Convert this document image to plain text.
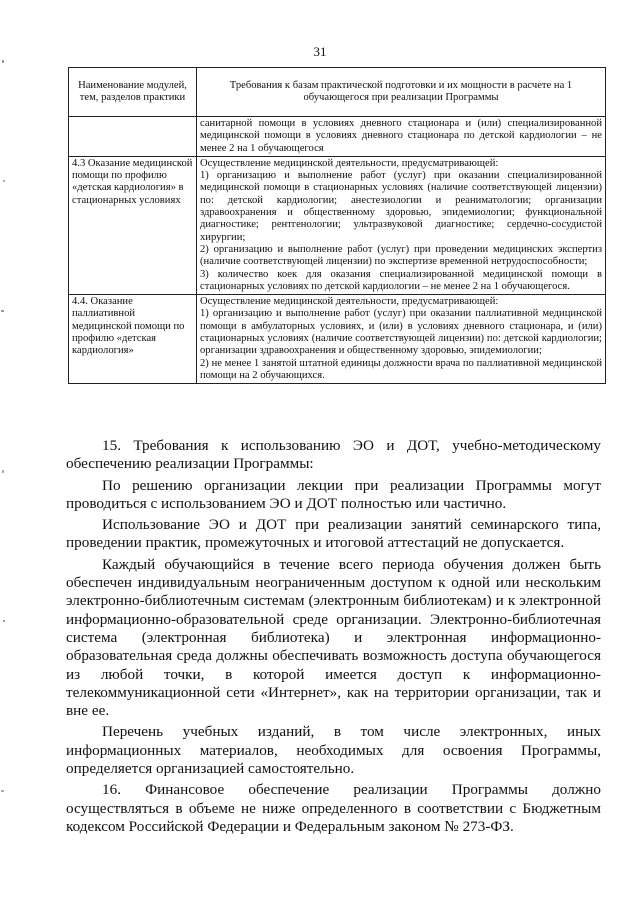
31
Наименование модулей, тем, разделов практики	Требования к базам практической подготовки и их мощности в расчете на 1 обучающегося при реализации Программы
	санитарной помощи в условиях дневного стационара и (или) специализированной медицинской помощи в условиях дневного стационара по детской кардиологии – не менее 2 на 1 обучающегося
4.3 Оказание медицинской помощи по профилю «детская кардиология» в стационарных условиях	Осуществление медицинской деятельности, предусматривающей:
1) организацию и выполнение работ (услуг) при оказании специализированной медицинской помощи в стационарных условиях (наличие соответствующей лицензии) по: детской кардиологии; анестезиологии и реаниматологии; организации здравоохранения и общественному здоровью, эпидемиологии; функциональной диагностике; рентгенологии; ультразвуковой диагностике; сердечно-сосудистой хирургии;
2) организацию и выполнение работ (услуг) при проведении медицинских экспертиз (наличие соответствующей лицензии) по экспертизе временной нетрудоспособности;
3) количество коек для оказания специализированной медицинской помощи в стационарных условиях по детской кардиологии – не менее 2 на 1 обучающегося.

4.4. Оказание паллиативной медицинской помощи по профилю «детская кардиология»	Осуществление медицинской деятельности, предусматривающей:
1) организацию и выполнение работ (услуг) при оказании паллиативной медицинской помощи в амбулаторных условиях, и (или) в условиях дневного стационара, и (или) стационарных условиях (наличие соответствующей лицензии) по: детской кардиологии; организации здравоохранения и общественному здоровью, эпидемиологии;
2) не менее 1 занятой штатной единицы должности врача по паллиативной медицинской помощи на 2 обучающихся.

15. Требования к использованию ЭО и ДОТ, учебно-методическому обеспечению реализации Программы:

По решению организации лекции при реализации Программы могут проводиться с использованием ЭО и ДОТ полностью или частично.

Использование ЭО и ДОТ при реализации занятий семинарского типа, проведении практик, промежуточных и итоговой аттестаций не допускается.

Каждый обучающийся в течение всего периода обучения должен быть обеспечен индивидуальным неограниченным доступом к одной или нескольким электронно-библиотечным системам (электронным библиотекам) и к электронной информационно-образовательной среде организации. Электронно-библиотечная система (электронная библиотека) и электронная информационно-образовательная среда должны обеспечивать возможность доступа обучающегося из любой точки, в которой имеется доступ к информационно-телекоммуникационной сети «Интернет», как на территории организации, так и вне ее.

Перечень учебных изданий, в том числе электронных, иных информационных материалов, необходимых для освоения Программы, определяется организацией самостоятельно.

16. Финансовое обеспечение реализации Программы должно осуществляться в объеме не ниже определенного в соответствии с Бюджетным кодексом Российской Федерации и Федеральным законом № 273-ФЗ.
